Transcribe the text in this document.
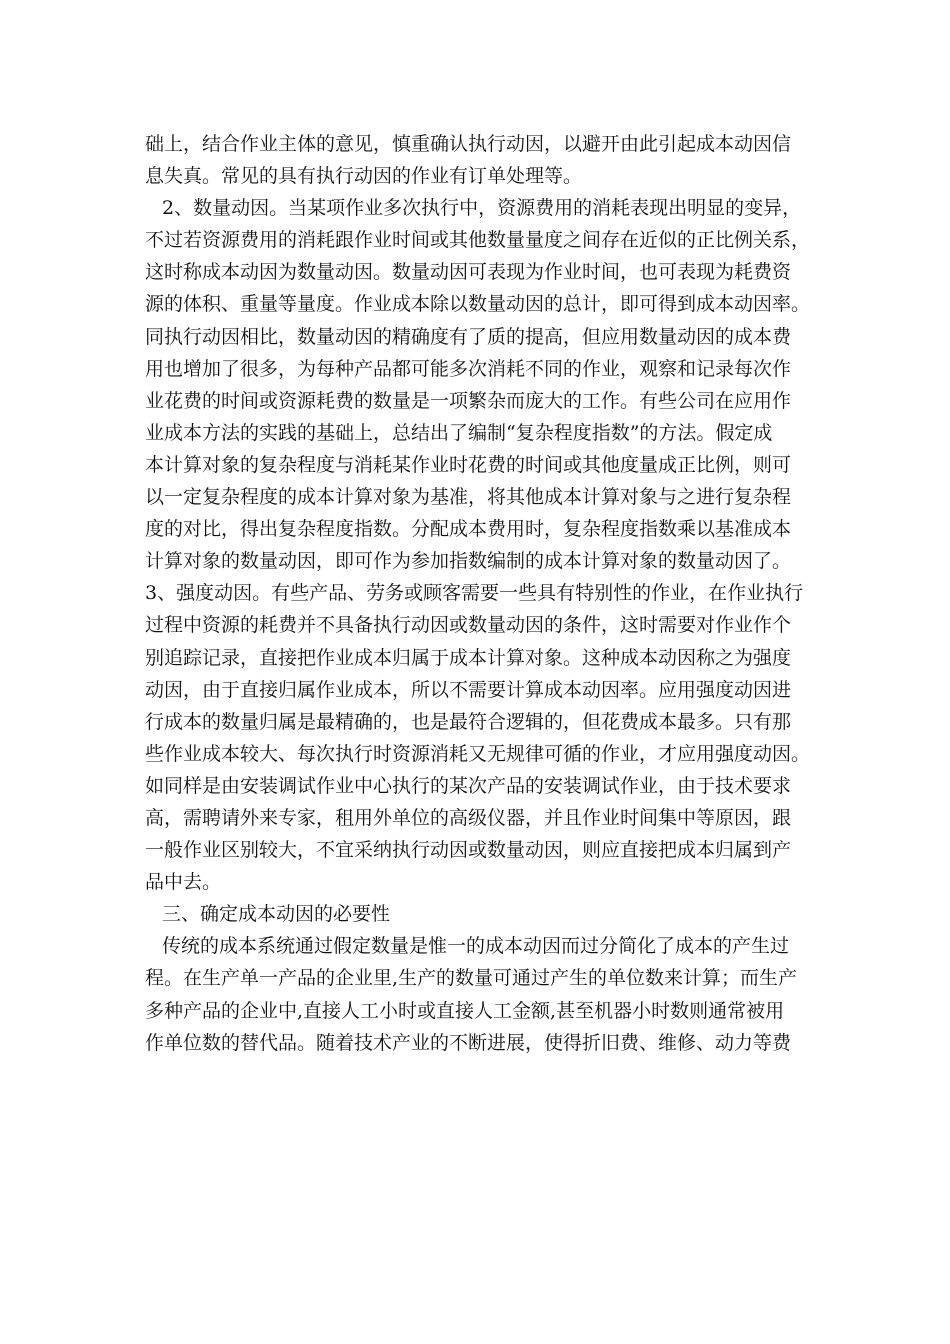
础上，结合作业主体的意见，慎重确认执行动因，以避开由此引起成本动因信
息失真。常见的具有执行动因的作业有订单处理等。
2、数量动因。当某项作业多次执行中，资源费用的消耗表现出明显的变异，
不过若资源费用的消耗跟作业时间或其他数量量度之间存在近似的正比例关系，
这时称成本动因为数量动因。数量动因可表现为作业时间，也可表现为耗费资
源的体积、重量等量度。作业成本除以数量动因的总计，即可得到成本动因率。
同执行动因相比，数量动因的精确度有了质的提高，但应用数量动因的成本费
用也增加了很多，为每种产品都可能多次消耗不同的作业，观察和记录每次作
业花费的时间或资源耗费的数量是一项繁杂而庞大的工作。有些公司在应用作
业成本方法的实践的基础上，总结出了编制“复杂程度指数”的方法。假定成
本计算对象的复杂程度与消耗某作业时花费的时间或其他度量成正比例，则可
以一定复杂程度的成本计算对象为基准，将其他成本计算对象与之进行复杂程
度的对比，得出复杂程度指数。分配成本费用时，复杂程度指数乘以基准成本
计算对象的数量动因，即可作为参加指数编制的成本计算对象的数量动因了。
3、强度动因。有些产品、劳务或顾客需要一些具有特别性的作业，在作业执行
过程中资源的耗费并不具备执行动因或数量动因的条件，这时需要对作业作个
别追踪记录，直接把作业成本归属于成本计算对象。这种成本动因称之为强度
动因，由于直接归属作业成本，所以不需要计算成本动因率。应用强度动因进
行成本的数量归属是最精确的，也是最符合逻辑的，但花费成本最多。只有那
些作业成本较大、每次执行时资源消耗又无规律可循的作业，才应用强度动因。
如同样是由安装调试作业中心执行的某次产品的安装调试作业，由于技术要求
高，需聘请外来专家，租用外单位的高级仪器，并且作业时间集中等原因，跟
一般作业区别较大，不宜采纳执行动因或数量动因，则应直接把成本归属到产
品中去。
三、确定成本动因的必要性
传统的成本系统通过假定数量是惟一的成本动因而过分简化了成本的产生过
程。在生产单一产品的企业里,生产的数量可通过产生的单位数来计算；而生产
多种产品的企业中,直接人工小时或直接人工金额,甚至机器小时数则通常被用
作单位数的替代品。随着技术产业的不断进展，使得折旧费、维修、动力等费
